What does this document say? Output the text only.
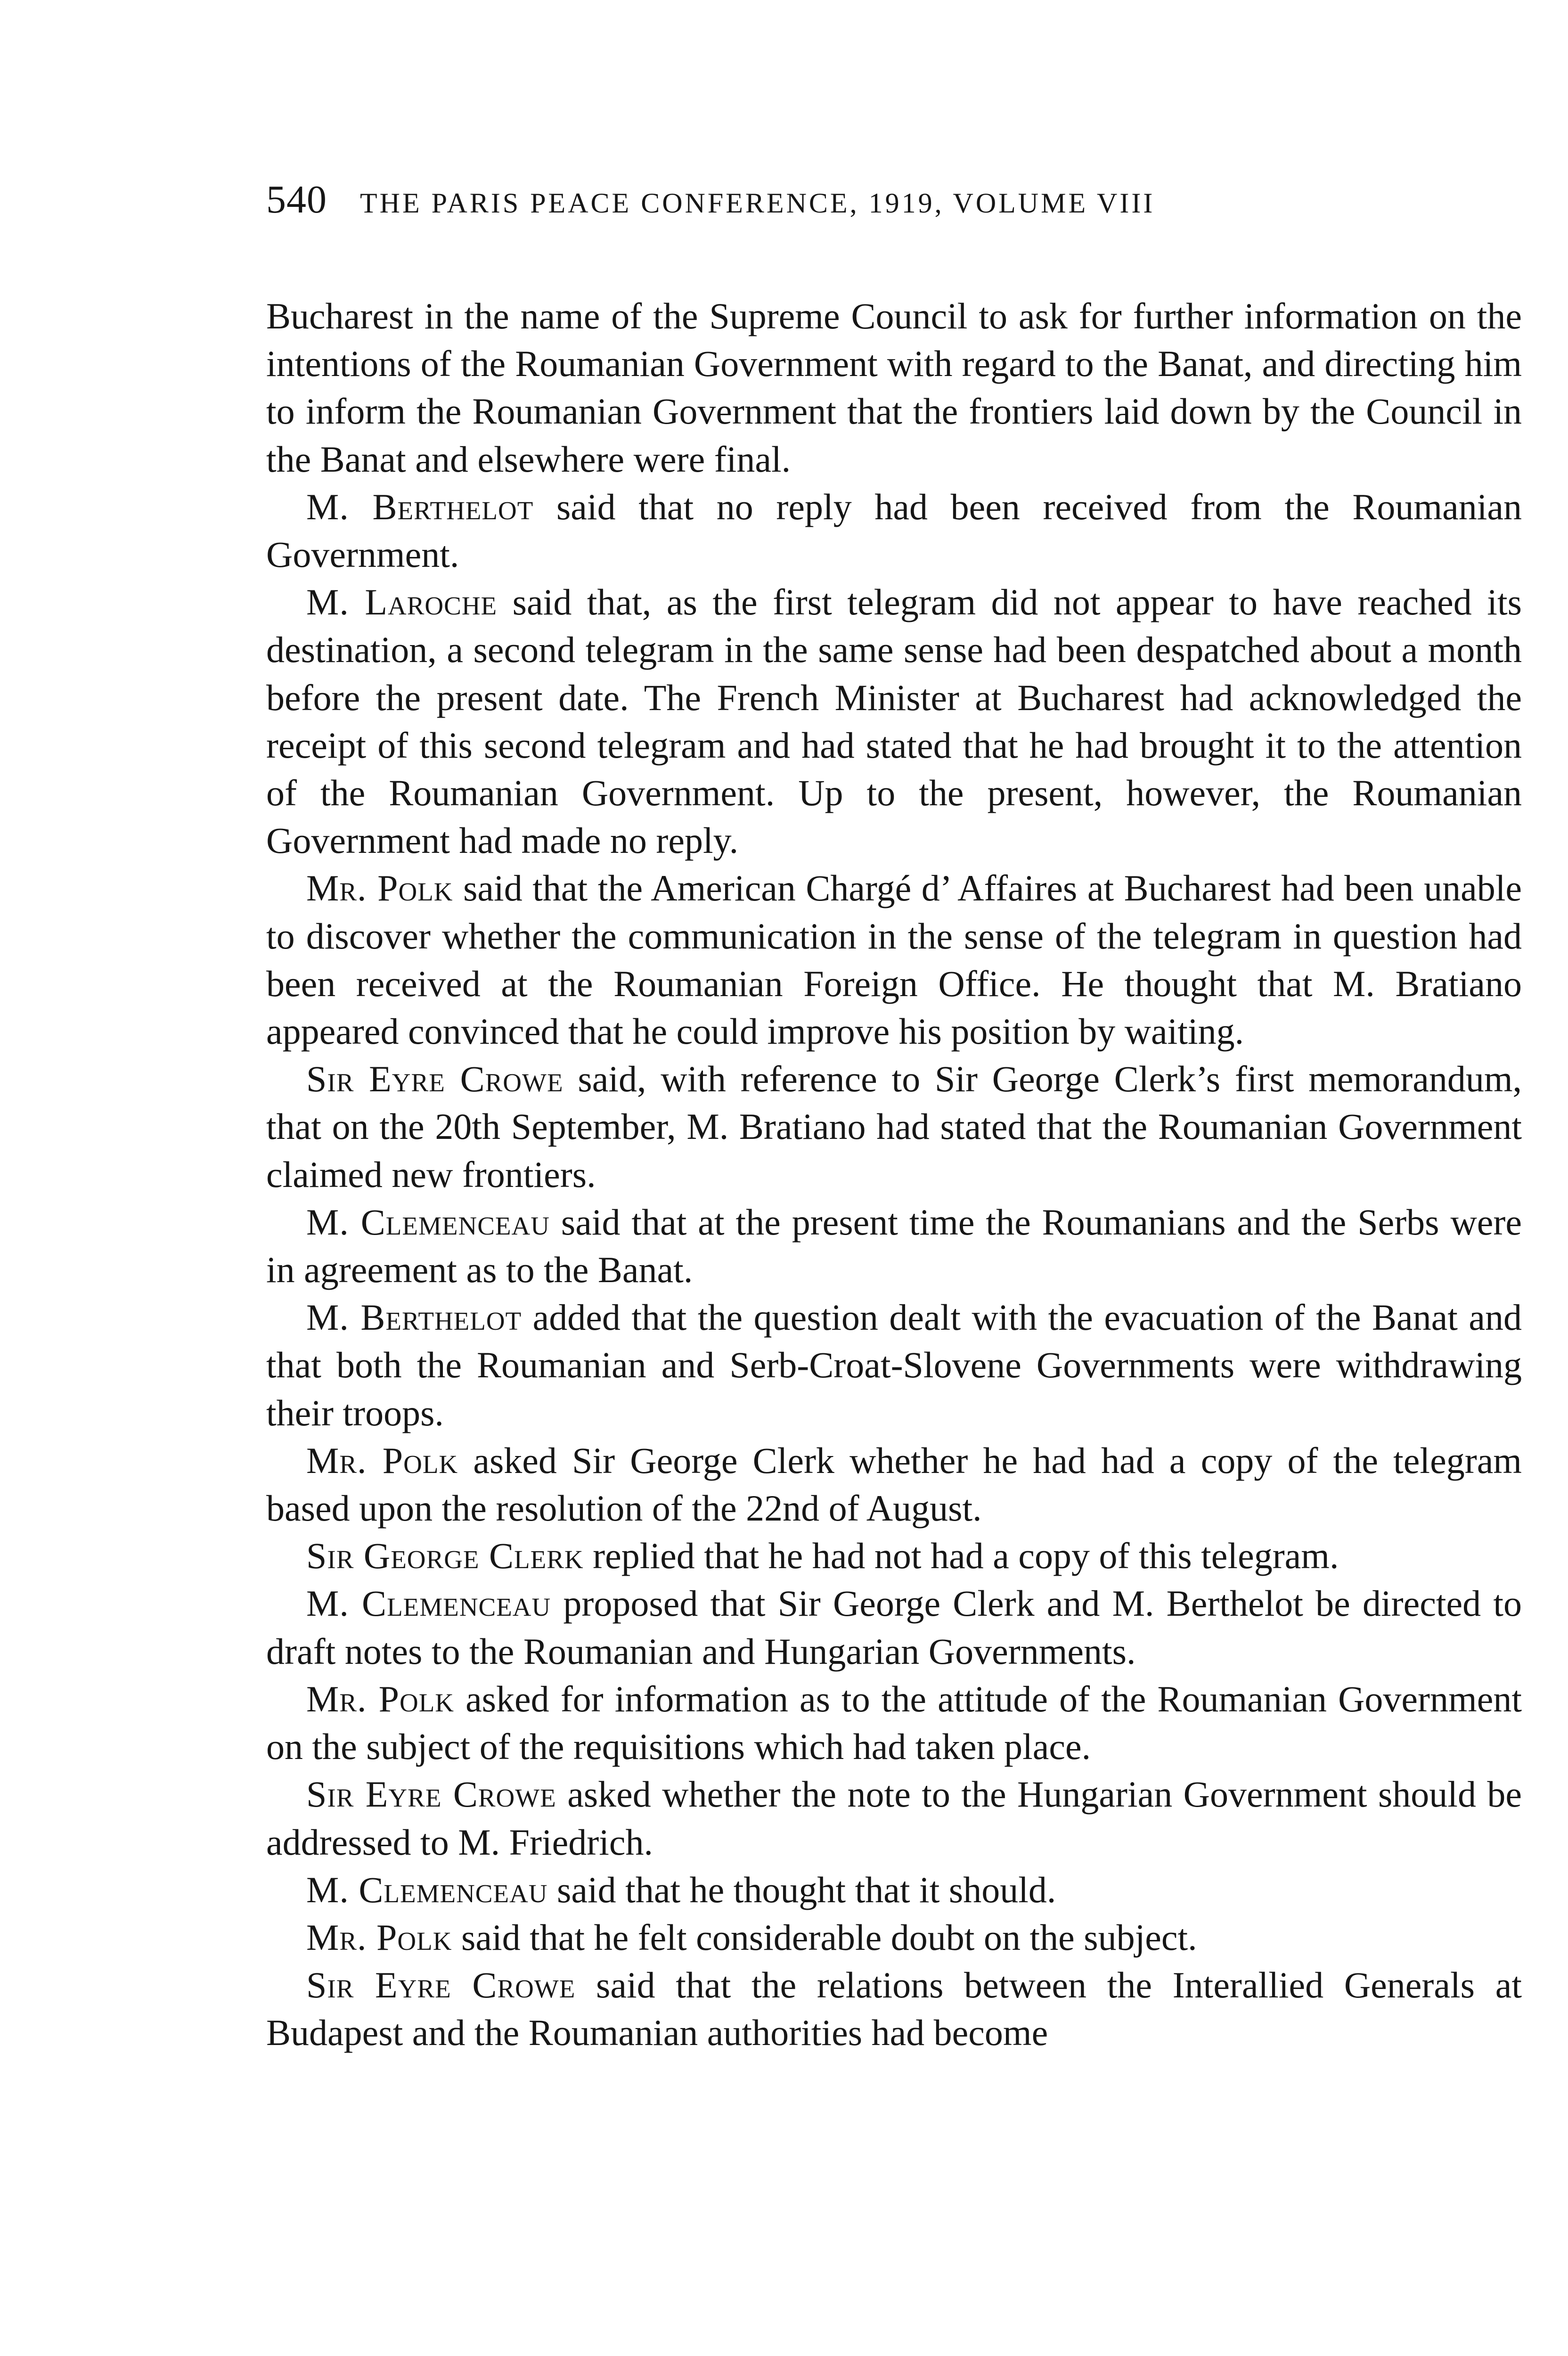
540 THE PARIS PEACE CONFERENCE, 1919, VOLUME VIII

Bucharest in the name of the Supreme Council to ask for further information on the intentions of the Roumanian Government with regard to the Banat, and directing him to inform the Roumanian Government that the frontiers laid down by the Council in the Banat and elsewhere were final.

M. Berthelot said that no reply had been received from the Roumanian Government.

M. Laroche said that, as the first telegram did not appear to have reached its destination, a second telegram in the same sense had been despatched about a month before the present date. The French Minister at Bucharest had acknowledged the receipt of this second telegram and had stated that he had brought it to the attention of the Roumanian Government. Up to the present, however, the Roumanian Government had made no reply.

Mr. Polk said that the American Chargé d’ Affaires at Bucharest had been unable to discover whether the communication in the sense of the telegram in question had been received at the Roumanian Foreign Office. He thought that M. Bratiano appeared convinced that he could improve his position by waiting.

Sir Eyre Crowe said, with reference to Sir George Clerk’s first memorandum, that on the 20th September, M. Bratiano had stated that the Roumanian Government claimed new frontiers.

M. Clemenceau said that at the present time the Roumanians and the Serbs were in agreement as to the Banat.

M. Berthelot added that the question dealt with the evacuation of the Banat and that both the Roumanian and Serb-Croat-Slovene Governments were withdrawing their troops.

Mr. Polk asked Sir George Clerk whether he had had a copy of the telegram based upon the resolution of the 22nd of August.

Sir George Clerk replied that he had not had a copy of this telegram.

M. Clemenceau proposed that Sir George Clerk and M. Berthelot be directed to draft notes to the Roumanian and Hungarian Governments.

Mr. Polk asked for information as to the attitude of the Roumanian Government on the subject of the requisitions which had taken place.

Sir Eyre Crowe asked whether the note to the Hungarian Government should be addressed to M. Friedrich.

M. Clemenceau said that he thought that it should.

Mr. Polk said that he felt considerable doubt on the subject.

Sir Eyre Crowe said that the relations between the Interallied Generals at Budapest and the Roumanian authorities had become
